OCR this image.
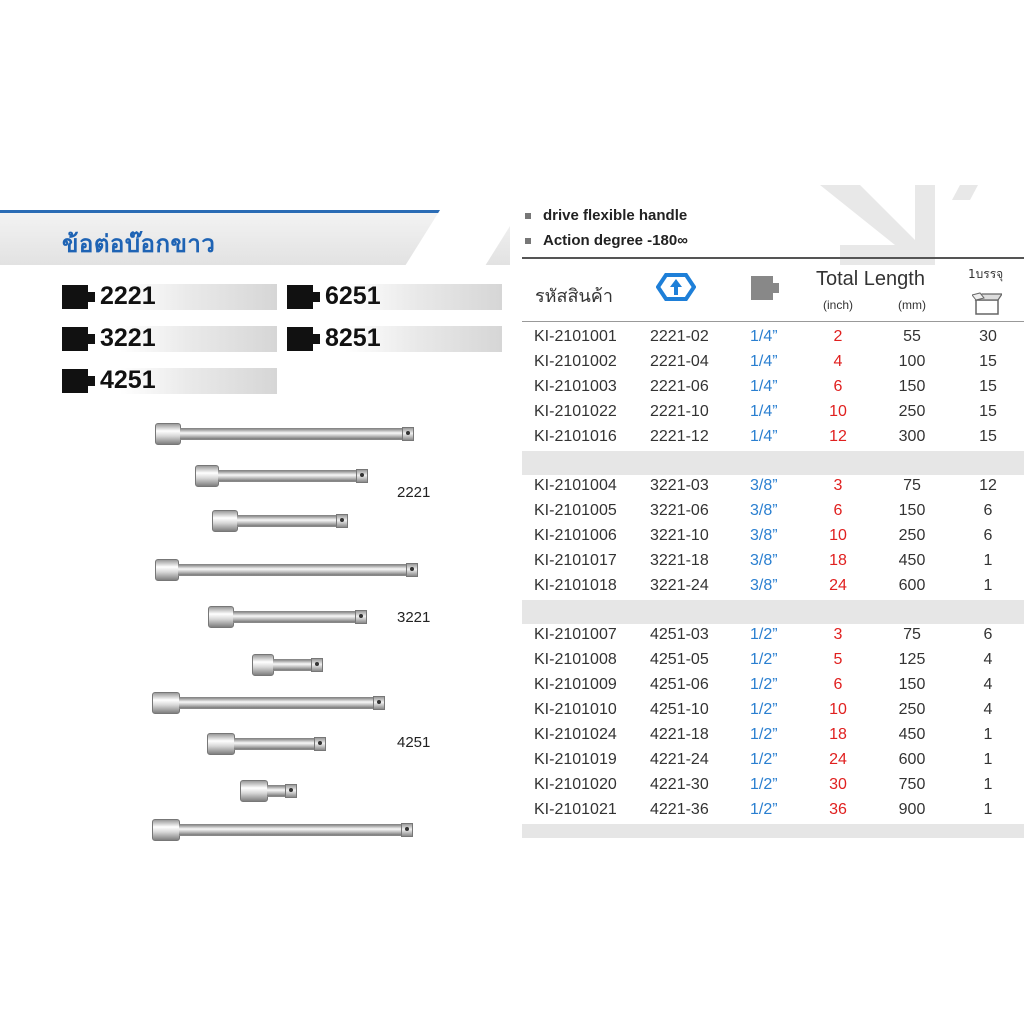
ข้อต่อบ๊อกขาว
2221	6251
3221	8251
4251
2221
3221
4251
drive flexible handle
Action degree -180∞
รหัสสินค้า
Total Length
(inch)	(mm)
1บรรจุ
KI-2101001 2221-02	1/4”	2	55	30
KI-2101002 2221-04	1/4”	4	100	15
KI-2101003 2221-06	1/4”	6	150	15
KI-2101022 2221-10	1/4”	10	250	15
KI-2101016 2221-12	1/4”	12	300	15
KI-2101004 3221-03	3/8”	3	75	12
KI-2101005 3221-06	3/8”	6	150	6
KI-2101006 3221-10	3/8”	10	250	6
KI-2101017 3221-18	3/8”	18	450	1
KI-2101018 3221-24	3/8”	24	600	1
KI-2101007 4251-03	1/2”	3	75	6
KI-2101008 4251-05	1/2”	5	125	4
KI-2101009 4251-06	1/2”	6	150	4
KI-2101010 4251-10	1/2”	10	250	4
KI-2101024 4221-18	1/2”	18	450	1
KI-2101019 4221-24	1/2”	24	600	1
KI-2101020 4221-30	1/2”	30	750	1
KI-2101021 4221-36	1/2”	36	900	1
